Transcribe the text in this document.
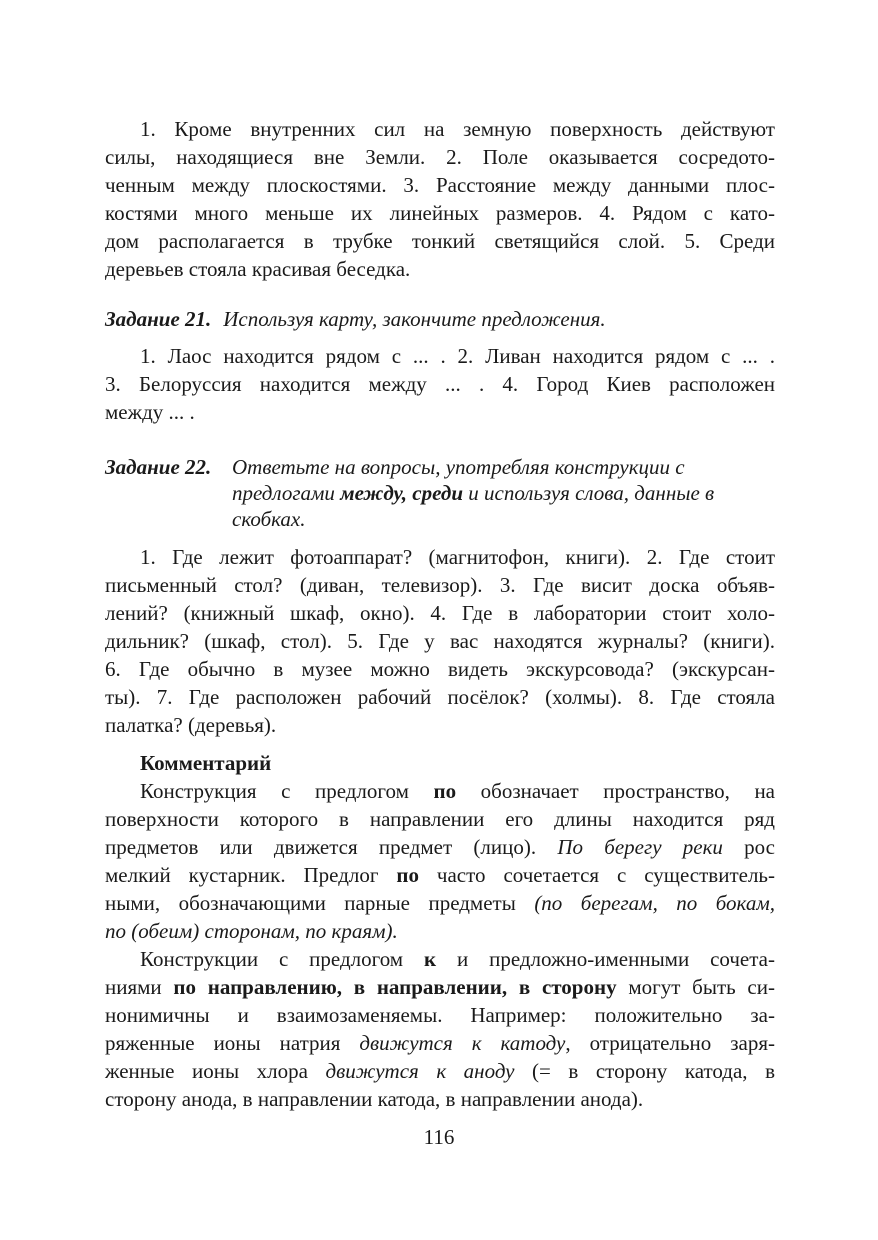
1. Кроме внутренних сил на земную поверхность действуют
силы, находящиеся вне Земли. 2. Поле оказывается сосредото-
ченным между плоскостями. 3. Расстояние между данными плос-
костями много меньше их линейных размеров. 4. Рядом с като-
дом располагается в трубке тонкий светящийся слой. 5. Среди
деревьев стояла красивая беседка.
Задание 21. Используя карту, закончите предложения.
1. Лаос находится рядом с ... . 2. Ливан находится рядом с ... .
3. Белоруссия находится между ... . 4. Город Киев расположен
между ... .
Задание 22. Ответьте на вопросы, употребляя конструкции с
предлогами между, среди и используя слова, данные в
скобках.
1. Где лежит фотоаппарат? (магнитофон, книги). 2. Где стоит
письменный стол? (диван, телевизор). 3. Где висит доска объяв-
лений? (книжный шкаф, окно). 4. Где в лаборатории стоит холо-
дильник? (шкаф, стол). 5. Где у вас находятся журналы? (книги).
6. Где обычно в музее можно видеть экскурсовода? (экскурсан-
ты). 7. Где расположен рабочий посёлок? (холмы). 8. Где стояла
палатка? (деревья).
Комментарий
Конструкция с предлогом по обозначает пространство, на
поверхности которого в направлении его длины находится ряд
предметов или движется предмет (лицо). По берегу реки рос
мелкий кустарник. Предлог по часто сочетается с существитель-
ными, обозначающими парные предметы (по берегам, по бокам,
по (обеим) сторонам, по краям).
Конструкции с предлогом к и предложно-именными сочета-
ниями по направлению, в направлении, в сторону могут быть си-
нонимичны и взаимозаменяемы. Например: положительно за-
ряженные ионы натрия движутся к катоду, отрицательно заря-
женные ионы хлора движутся к аноду (= в сторону катода, в
сторону анода, в направлении катода, в направлении анода).
116
